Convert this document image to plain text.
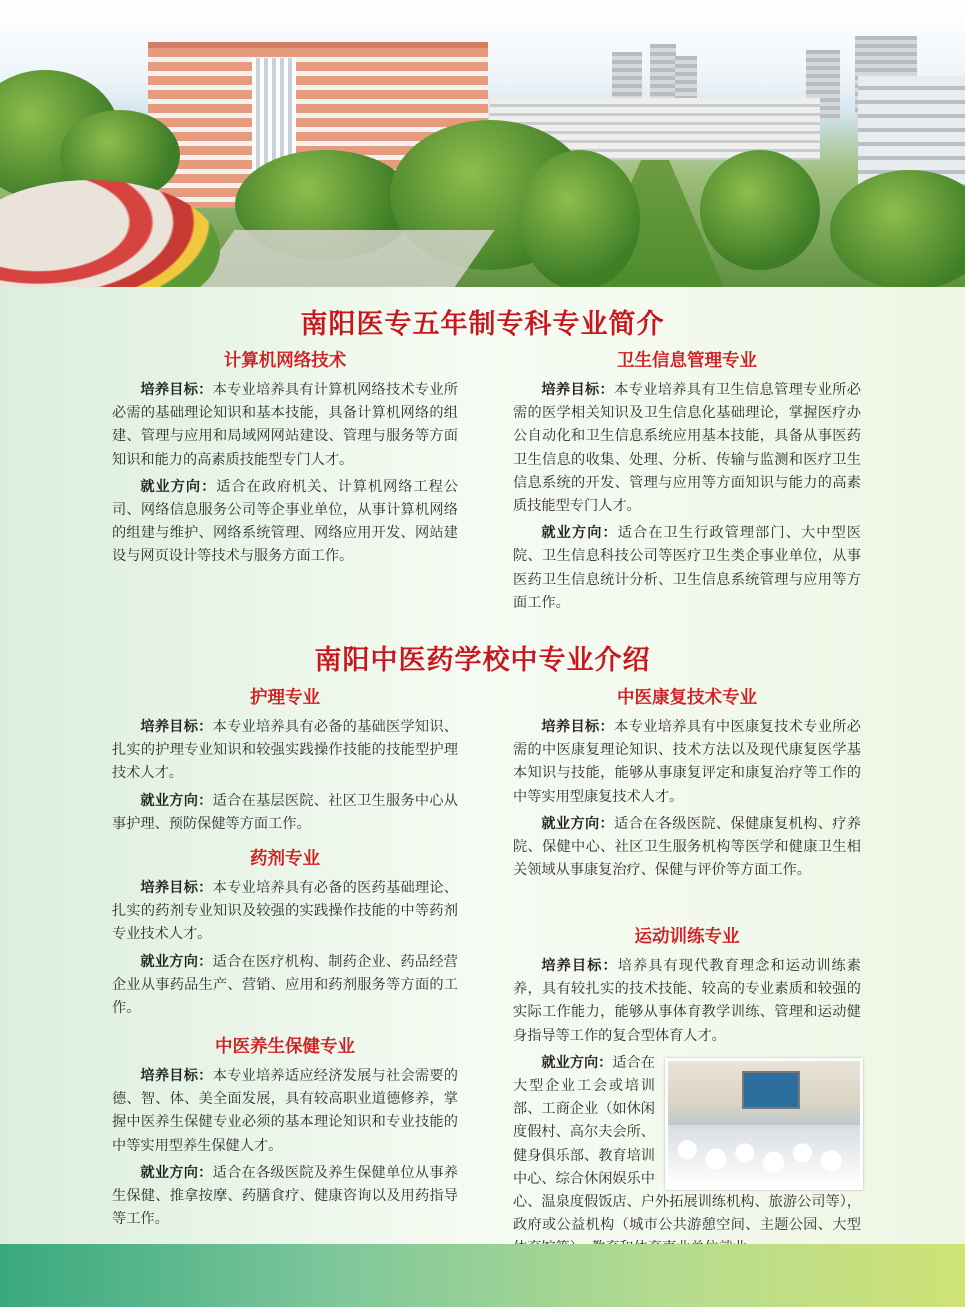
南阳医专五年制专科专业简介
计算机网络技术

培养目标：本专业培养具有计算机网络技术专业所必需的基础理论知识和基本技能，具备计算机网络的组建、管理与应用和局域网网站建设、管理与服务等方面知识和能力的高素质技能型专门人才。

就业方向：适合在政府机关、计算机网络工程公司、网络信息服务公司等企事业单位，从事计算机网络的组建与维护、网络系统管理、网络应用开发、网站建设与网页设计等技术与服务方面工作。

卫生信息管理专业

培养目标：本专业培养具有卫生信息管理专业所必需的医学相关知识及卫生信息化基础理论，掌握医疗办公自动化和卫生信息系统应用基本技能，具备从事医药卫生信息的收集、处理、分析、传输与监测和医疗卫生信息系统的开发、管理与应用等方面知识与能力的高素质技能型专门人才。

就业方向：适合在卫生行政管理部门、大中型医院、卫生信息科技公司等医疗卫生类企事业单位，从事医药卫生信息统计分析、卫生信息系统管理与应用等方面工作。

南阳中医药学校中专业介绍
护理专业

培养目标：本专业培养具有必备的基础医学知识、扎实的护理专业知识和较强实践操作技能的技能型护理技术人才。

就业方向：适合在基层医院、社区卫生服务中心从事护理、预防保健等方面工作。

药剂专业

培养目标：本专业培养具有必备的医药基础理论、扎实的药剂专业知识及较强的实践操作技能的中等药剂专业技术人才。

就业方向：适合在医疗机构、制药企业、药品经营企业从事药品生产、营销、应用和药剂服务等方面的工作。

中医养生保健专业

培养目标：本专业培养适应经济发展与社会需要的德、智、体、美全面发展，具有较高职业道德修养，掌握中医养生保健专业必须的基本理论知识和专业技能的中等实用型养生保健人才。

就业方向：适合在各级医院及养生保健单位从事养生保健、推拿按摩、药膳食疗、健康咨询以及用药指导等工作。

中医康复技术专业

培养目标：本专业培养具有中医康复技术专业所必需的中医康复理论知识、技术方法以及现代康复医学基本知识与技能，能够从事康复评定和康复治疗等工作的中等实用型康复技术人才。

就业方向：适合在各级医院、保健康复机构、疗养院、保健中心、社区卫生服务机构等医学和健康卫生相关领域从事康复治疗、保健与评价等方面工作。

运动训练专业

培养目标：培养具有现代教育理念和运动训练素养，具有较扎实的技术技能、较高的专业素质和较强的实际工作能力，能够从事体育教学训练、管理和运动健身指导等工作的复合型体育人才。

就业方向：适合在大型企业工会或培训部、工商企业（如休闲度假村、高尔夫会所、健身俱乐部、教育培训中心、综合休闲娱乐中心、温泉度假饭店、户外拓展训练机构、旅游公司等），政府或公益机构（城市公共游憩空间、主题公园、大型
